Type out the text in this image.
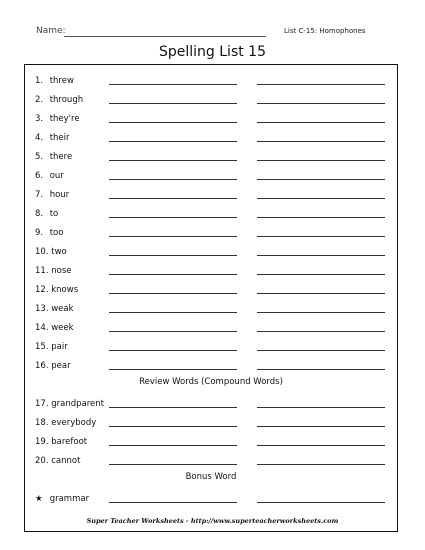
Name:	List C-15: Homophones
Spelling List 15
1. threw
2. through
3. they're
4. their
5. there
6. our
7. hour
8. to
9. too
10. two
11. nose
12. knows
13. weak
14. week
15. pair
16. pear
Review Words (Compound Words)
17. grandparent
18. everybody
19. barefoot
20. cannot
Bonus Word
★ grammar
Super Teacher Worksheets - http://www.superteacherworksheets.com
